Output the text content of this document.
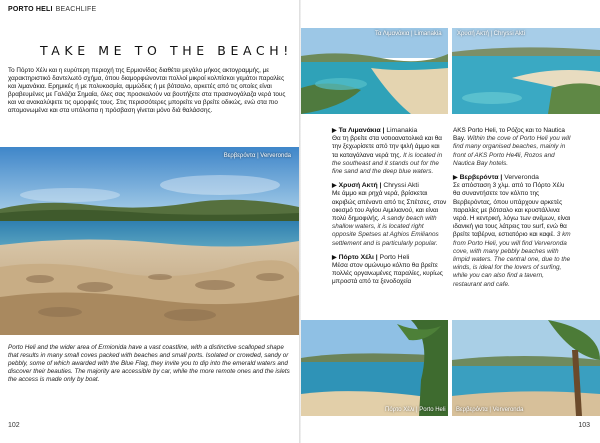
PORTO HELI BEACHLIFE
TAKE ME TO THE BEACH!

Το Πόρτο Χέλι και η ευρύτερη περιοχή της Ερμιονίδας διαθέτει μεγάλο μήκος ακτογραμμής, με χαρακτηριστικό δαντελωτό σχήμα, όπου διαμορφώνονται πολλοί μικροί κολπίσκοι γεμάτοι παραλίες και λιμανάκια. Ερημικές ή με πολυκοσμία, αμμώδεις ή με βότσαλο, αρκετές από τις οποίες είναι βραβευμένες με Γαλάζια Σημαία, όλες σας προσκαλούν να βουτήξετε στα πρασινογάλαζα νερά τους και να ανακαλύψετε τις ομορφιές τους. Στις περισσότερες μπορείτε να βρείτε οδικώς, ενώ στα πιο απομονωμένα και στα υπόλοιπα η πρόσβαση γίνεται μόνο διά θαλάσσης.

Βερβερόντα | Ververonda

Porto Heli and the wider area of Ermionida have a vast coastline, with a distinctive scalloped shape that results in many small coves packed with beaches and small ports. Isolated or crowded, sandy or pebbly, some of which awarded with the Blue Flag, they invite you to dip into the emerald waters and discover their beauties. The majority are accessible by car, while the more remote ones and the islets the access is made only by boat.

102
Τα Λιμανάκια | Limanakia	Χρυσή Ακτή | Chryssi Akti
▶ Τα Λιμανάκια | Limanakia
Θα τη βρείτε στα νοτιοανατολικά και θα την ξεχωρίσετε από την ψιλή άμμο και τα καταγάλανα νερά της. It is located in the southeast and it stands out for the fine sand and the deep blue waters.
▶ Χρυσή Ακτή | Chryssi Akti
Με άμμο και ρηχά νερά, βρίσκεται ακριβώς απέναντι από τις Σπέτσες, στον οικισμό του Αγίου Αιμιλιανού, και είναι πολύ δημοφιλής. A sandy beach with shallow waters, it is located right opposite Spetses at Aghios Emilianos settlement and is particularly popular.
▶ Πόρτο Χέλι | Porto Heli
Μέσα στον ομώνυμο κόλπο θα βρείτε πολλές οργανωμένες παραλίες, κυρίως μπροστά από τα ξενοδοχεία
AKS Porto Heli, το Ρόζος και το Nautica Bay. Within the cove of Porto Heli you will find many organised beaches, mainly in front of AKS Porto He4li, Rozos and Nautica Bay hotels.
▶ Βερβερόντα | Ververonda
Σε απόσταση 3 χλμ. από το Πόρτο Χέλι θα συναντήσετε τον κόλπο της Βερβερόντας, όπου υπάρχουν αρκετές παραλίες με βότσαλο και κρυστάλλινα νερά. Η κεντρική, λόγω των ανέμων, είναι ιδανική για τους λάτρεις του surf, ενώ θα βρείτε ταβέρνα, εστιατόριο και καφέ. 3 km from Porto Heli, you will find Ververonda cove, with many pebbly beaches with limpid waters. The central one, due to the winds, is ideal for the lovers of surfing, while you can also find a tavern, restaurant and cafe.
Πόρτο Χέλι | Porto Heli Βερβερόντα | Ververonda
103
